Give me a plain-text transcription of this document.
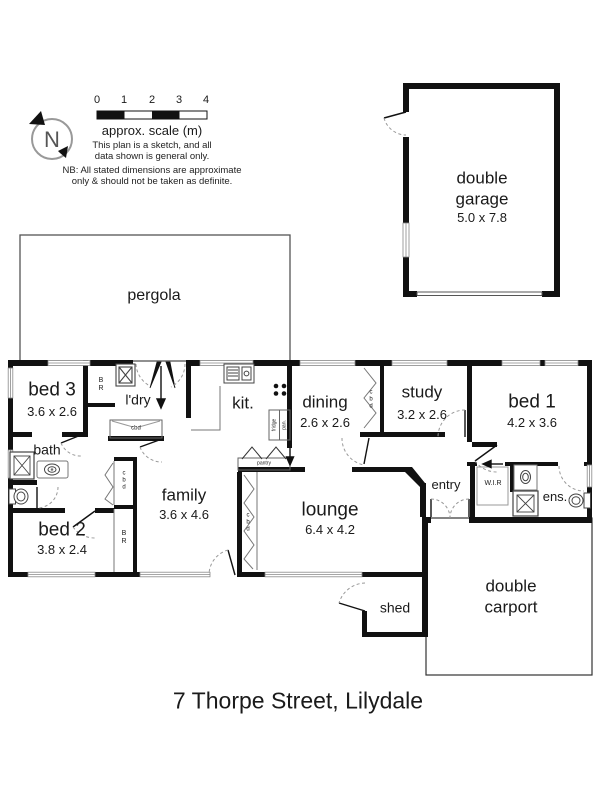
N
0 1 2 3 4
approx. scale (m)
This plan is a sketch, and all
data shown is general only.
NB: All stated dimensions are approximate
only & should not be taken as definite.	double
garage
5.0 x 7.8
pergola
bed 3
3.6 x 2.6
l'dry	kit.	dining
2.6 x 2.6
study
3.2 x 2.6
bed 1
4.2 x 3.6
bath
family
3.6 x 4.6
bed 2
3.8 x 2.4
lounge
6.4 x 4.2
entry	W.I.R
ens.
shed
double
carport
B R
cbd
c b d
c b d
B R
c b d
pantry
fridge pan.
7 Thorpe Street, Lilydale
